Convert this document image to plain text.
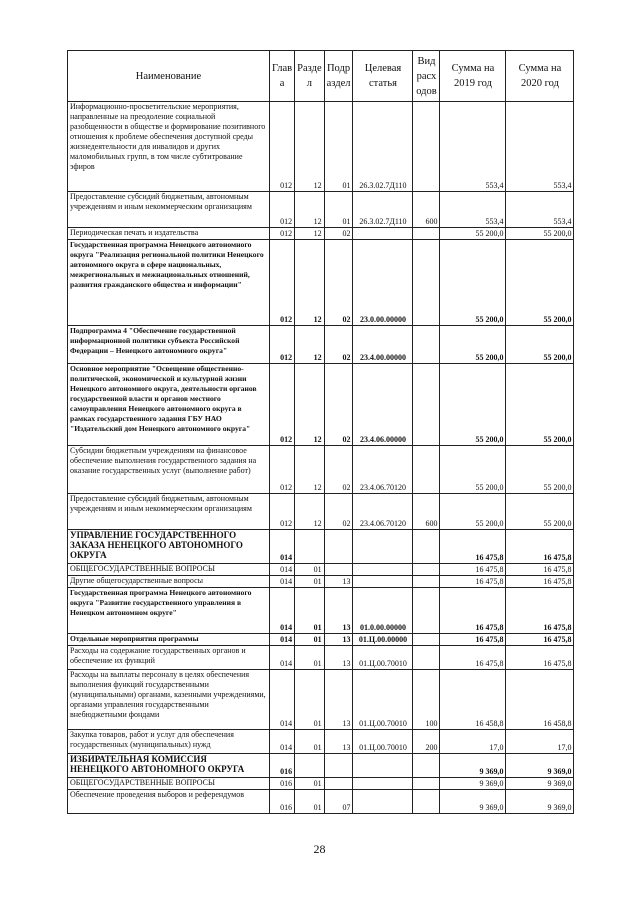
Наименование	Глав а	Разде л	Подр аздел	Целевая статья	Вид расх одов	Сумма на 2019 год	Сумма на 2020 год
Информационно-просветительские мероприятия, направленные на преодоление социальной разобщенности в обществе и формирование позитивного отношения к проблеме обеспечения доступной среды жизнедеятельности для инвалидов и других маломобильных групп, в том числе субтитрование эфиров	012	12	01	26.3.02.7Д110		553,4	553,4
Предоставление субсидий бюджетным, автономным учреждениям и иным некоммерческим организациям	012	12	01	26.3.02.7Д110	600	553,4	553,4
Периодическая печать и издательства	012	12	02			55 200,0	55 200,0
Государственная программа Ненецкого автономного округа "Реализация региональной политики Ненецкого автономного округа в сфере национальных, межрегиональных и межнациональных отношений, развития гражданского общества и информации"	012	12	02	23.0.00.00000		55 200,0	55 200,0
Подпрограмма 4 "Обеспечение государственной информационной политики субъекта Российской Федерации – Ненецкого автономного округа"	012	12	02	23.4.00.00000		55 200,0	55 200,0
Основное мероприятие "Освещение общественно-политической, экономической и культурной жизни Ненецкого автономного округа, деятельности органов государственной власти и органов местного самоуправления Ненецкого автономного округа в рамках государственного задания ГБУ НАО "Издательский дом Ненецкого автономного округа"	012	12	02	23.4.06.00000		55 200,0	55 200,0
Субсидии бюджетным учреждениям на финансовое обеспечение выполнения государственного задания на оказание государственных услуг (выполнение работ)	012	12	02	23.4.06.70120		55 200,0	55 200,0
Предоставление субсидий бюджетным, автономным учреждениям и иным некоммерческим организациям	012	12	02	23.4.06.70120	600	55 200,0	55 200,0
УПРАВЛЕНИЕ ГОСУДАРСТВЕННОГО ЗАКАЗА НЕНЕЦКОГО АВТОНОМНОГО ОКРУГА	014					16 475,8	16 475,8
ОБЩЕГОСУДАРСТВЕННЫЕ ВОПРОСЫ	014	01				16 475,8	16 475,8
Другие общегосударственные вопросы	014	01	13			16 475,8	16 475,8
Государственная программа Ненецкого автономного округа "Развитие государственного управления в Ненецком автономном округе"	014	01	13	01.0.00.00000		16 475,8	16 475,8
Отдельные мероприятия программы	014	01	13	01.Ц.00.00000		16 475,8	16 475,8
Расходы на содержание государственных органов и обеспечение их функций	014	01	13	01.Ц.00.70010		16 475,8	16 475,8
Расходы на выплаты персоналу в целях обеспечения выполнения функций государственными (муниципальными) органами, казенными учреждениями, органами управления государственными внебюджетными фондами	014	01	13	01.Ц.00.70010	100	16 458,8	16 458,8
Закупка товаров, работ и услуг для обеспечения государственных (муниципальных) нужд	014	01	13	01.Ц.00.70010	200	17,0	17,0
ИЗБИРАТЕЛЬНАЯ КОМИССИЯ НЕНЕЦКОГО АВТОНОМНОГО ОКРУГА	016					9 369,0	9 369,0
ОБЩЕГОСУДАРСТВЕННЫЕ ВОПРОСЫ	016	01				9 369,0	9 369,0
Обеспечение проведения выборов и референдумов	016	01	07			9 369,0	9 369,0
28
